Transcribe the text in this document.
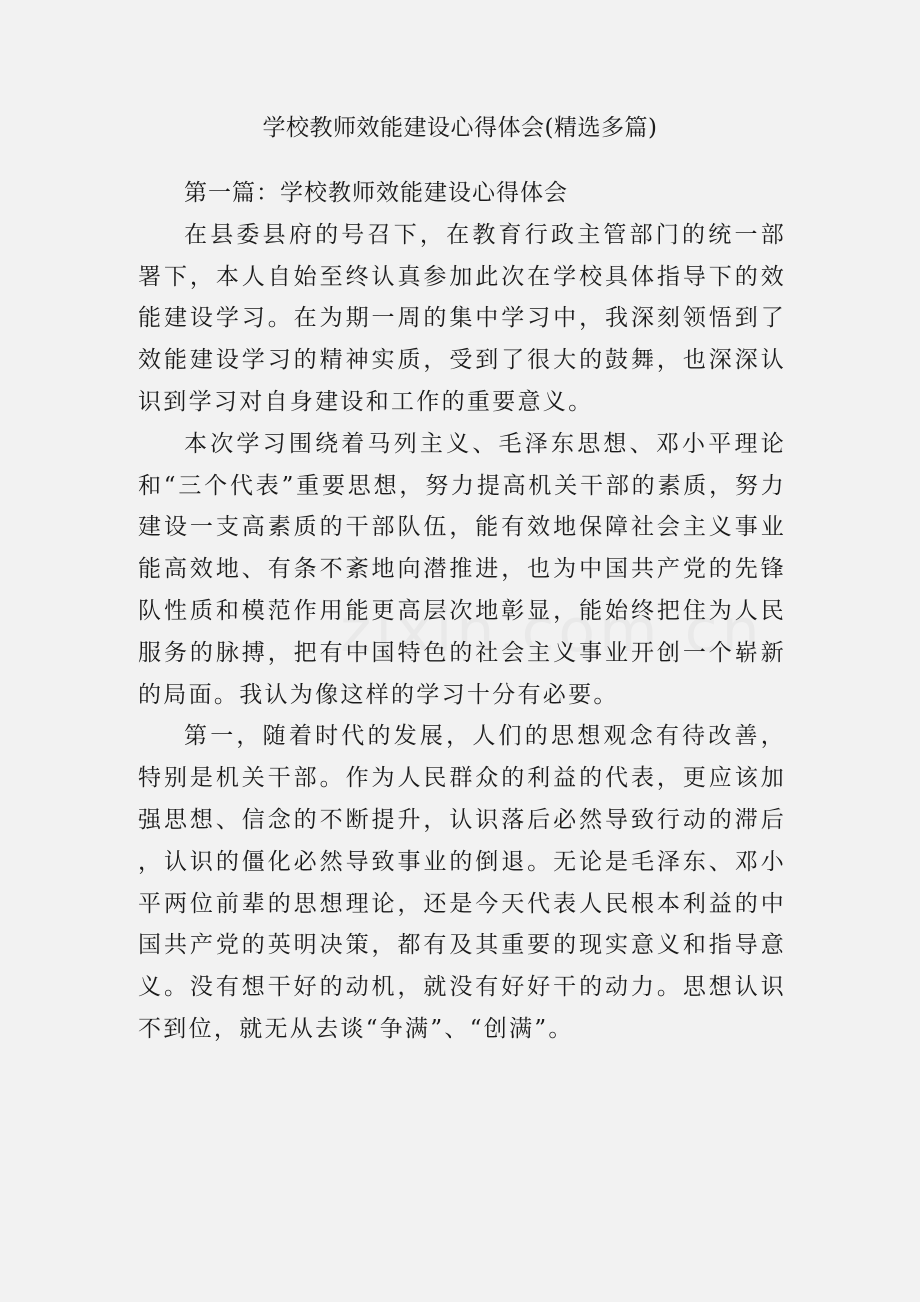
学校教师效能建设心得体会(精选多篇)

第一篇：学校教师效能建设心得体会

在县委县府的号召下，在教育行政主管部门的统一部署下，本人自始至终认真参加此次在学校具体指导下的效能建设学习。在为期一周的集中学习中，我深刻领悟到了效能建设学习的精神实质，受到了很大的鼓舞，也深深认识到学习对自身建设和工作的重要意义。

本次学习围绕着马列主义、毛泽东思想、邓小平理论和“三个代表”重要思想，努力提高机关干部的素质，努力建设一支高素质的干部队伍，能有效地保障社会主义事业能高效地、有条不紊地向潜推进，也为中国共产党的先锋队性质和模范作用能更高层次地彰显，能始终把住为人民服务的脉搏，把有中国特色的社会主义事业开创一个崭新的局面。我认为像这样的学习十分有必要。

第一，随着时代的发展，人们的思想观念有待改善，特别是机关干部。作为人民群众的利益的代表，更应该加强思想、信念的不断提升，认识落后必然导致行动的滞后，认识的僵化必然导致事业的倒退。无论是毛泽东、邓小平两位前辈的思想理论，还是今天代表人民根本利益的中国共产党的英明决策，都有及其重要的现实意义和指导意义。没有想干好的动机，就没有好好干的动力。思想认识不到位，就无从去谈“争满”、“创满”。
